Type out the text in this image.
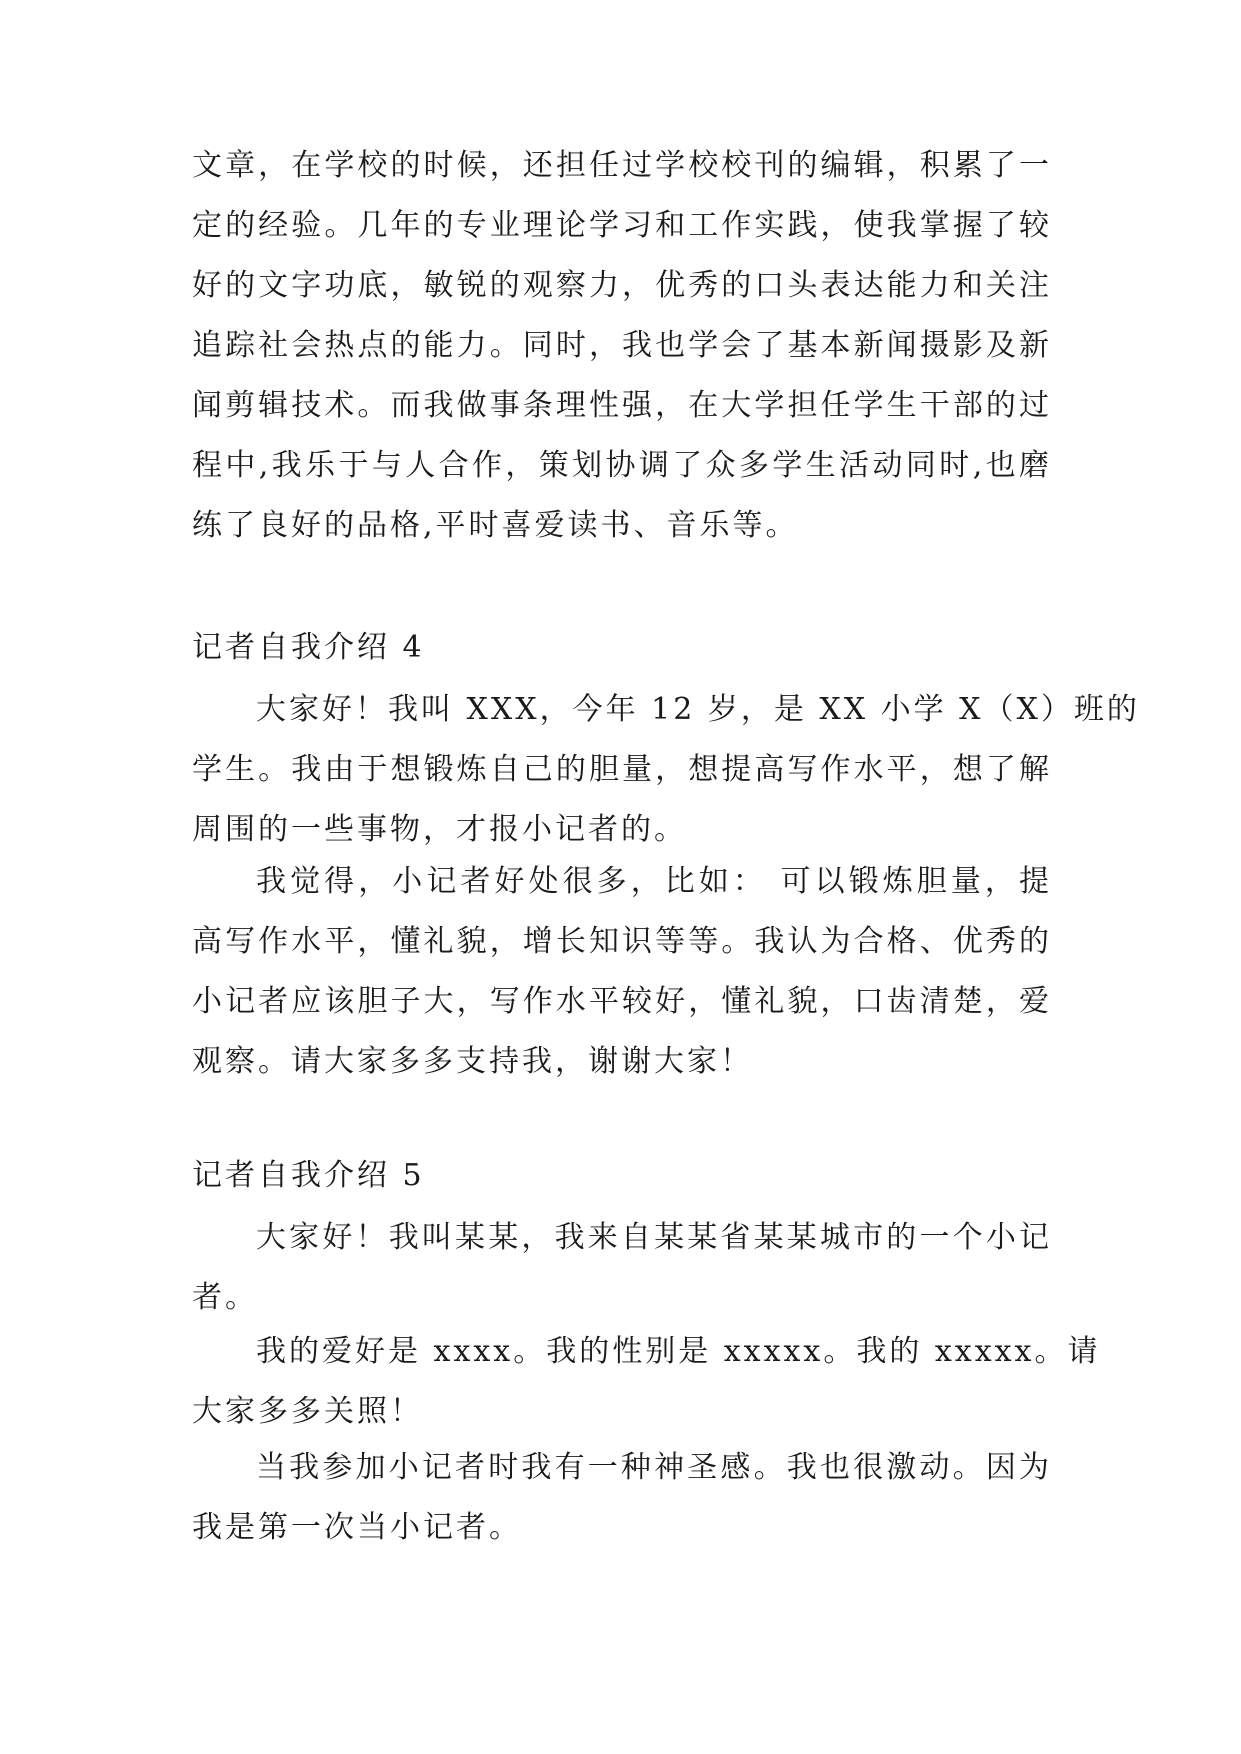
文章，在学校的时候，还担任过学校校刊的编辑，积累了一
定的经验。几年的专业理论学习和工作实践，使我掌握了较
好的文字功底，敏锐的观察力，优秀的口头表达能力和关注
追踪社会热点的能力。同时，我也学会了基本新闻摄影及新
闻剪辑技术。而我做事条理性强，在大学担任学生干部的过
程中,我乐于与人合作，策划协调了众多学生活动同时,也磨
练了良好的品格,平时喜爱读书、音乐等。
记者自我介绍 4
大家好！我叫 XXX，今年 12 岁，是 XX 小学 X（X）班的
学生。我由于想锻炼自己的胆量，想提高写作水平，想了解
周围的一些事物，才报小记者的。
我觉得，小记者好处很多，比如： 可以锻炼胆量，提
高写作水平，懂礼貌，增长知识等等。我认为合格、优秀的
小记者应该胆子大，写作水平较好，懂礼貌，口齿清楚，爱
观察。请大家多多支持我，谢谢大家！
记者自我介绍 5
大家好！我叫某某，我来自某某省某某城市的一个小记
者。
我的爱好是 xxxx。我的性别是 xxxxx。我的 xxxxx。请
大家多多关照！
当我参加小记者时我有一种神圣感。我也很激动。因为
我是第一次当小记者。
